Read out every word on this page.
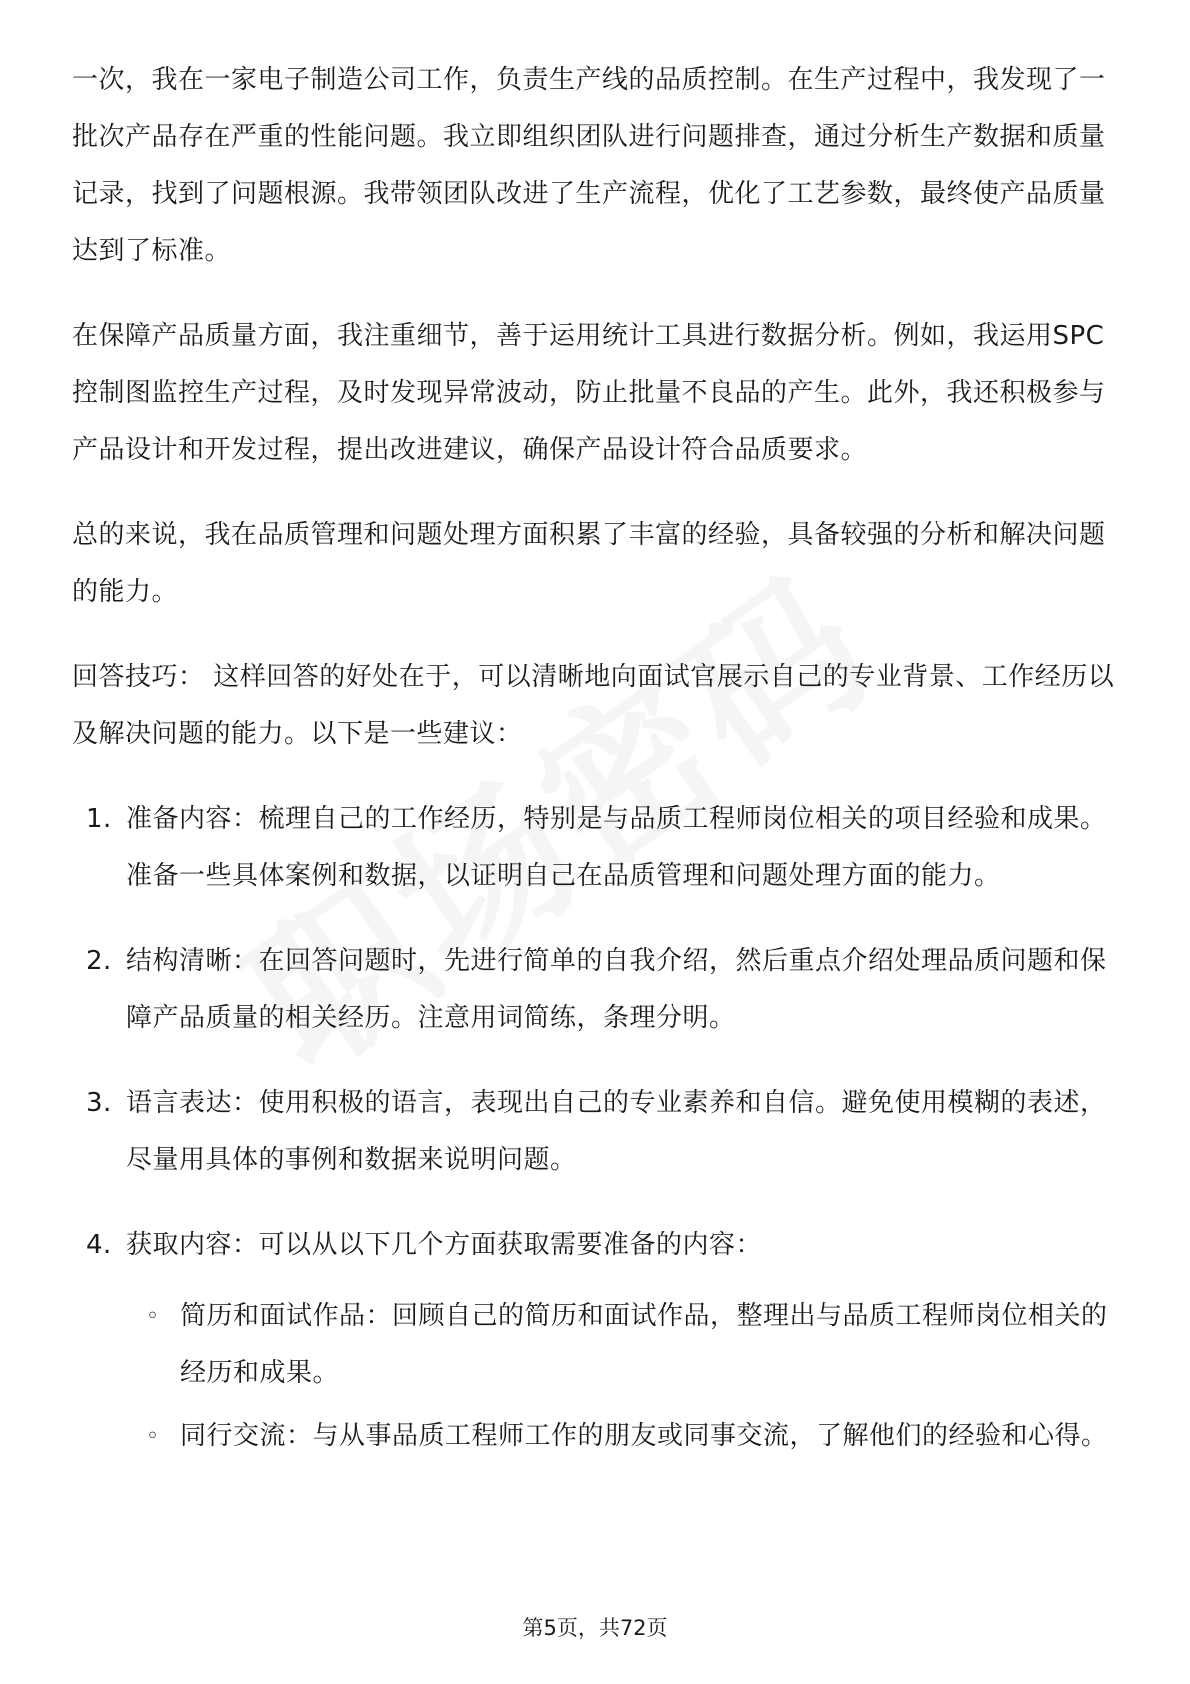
一次，我在一家电子制造公司工作，负责生产线的品质控制。在生产过程中，我发现了一批次产品存在严重的性能问题。我立即组织团队进行问题排查，通过分析生产数据和质量记录，找到了问题根源。我带领团队改进了生产流程，优化了工艺参数，最终使产品质量达到了标准。

在保障产品质量方面，我注重细节，善于运用统计工具进行数据分析。例如，我运用SPC控制图监控生产过程，及时发现异常波动，防止批量不良品的产生。此外，我还积极参与产品设计和开发过程，提出改进建议，确保产品设计符合品质要求。

总的来说，我在品质管理和问题处理方面积累了丰富的经验，具备较强的分析和解决问题的能力。

回答技巧： 这样回答的好处在于，可以清晰地向面试官展示自己的专业背景、工作经历以及解决问题的能力。以下是一些建议：

1. 准备内容：梳理自己的工作经历，特别是与品质工程师岗位相关的项目经验和成果。准备一些具体案例和数据，以证明自己在品质管理和问题处理方面的能力。
2. 结构清晰：在回答问题时，先进行简单的自我介绍，然后重点介绍处理品质问题和保障产品质量的相关经历。注意用词简练，条理分明。
3. 语言表达：使用积极的语言，表现出自己的专业素养和自信。避免使用模糊的表述，尽量用具体的事例和数据来说明问题。
4. 获取内容：可以从以下几个方面获取需要准备的内容：
◦ 简历和面试作品：回顾自己的简历和面试作品，整理出与品质工程师岗位相关的经历和成果。
◦ 同行交流：与从事品质工程师工作的朋友或同事交流，了解他们的经验和心得。
第5页，共72页
